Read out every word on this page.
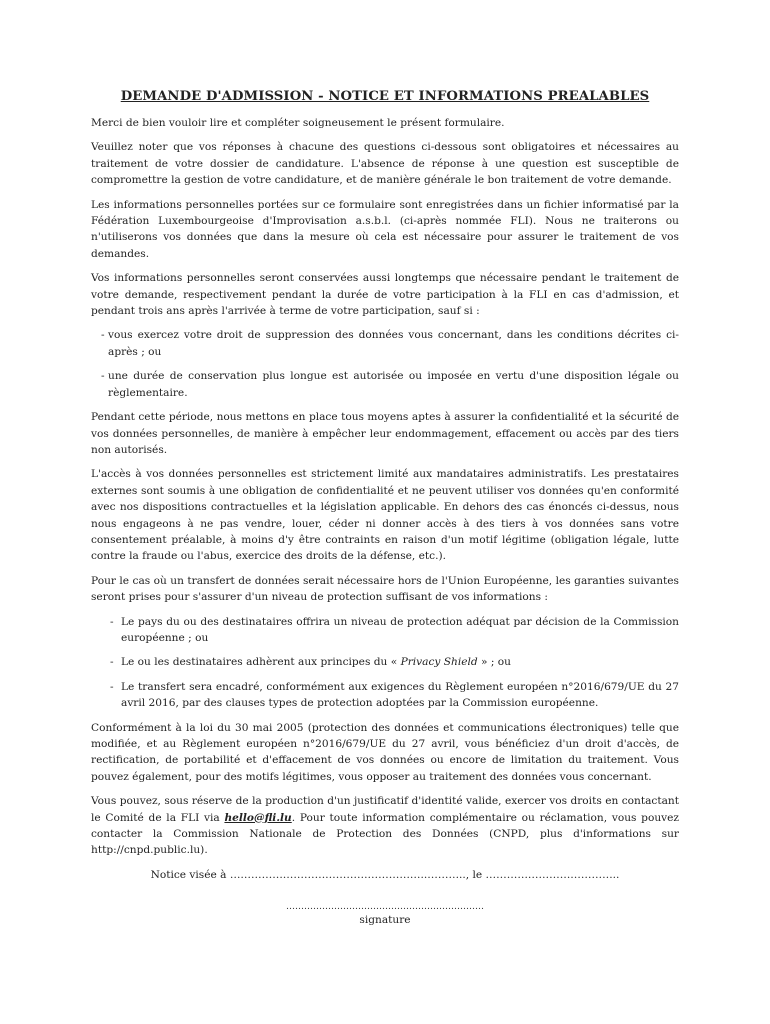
DEMANDE D'ADMISSION - NOTICE ET INFORMATIONS PREALABLES

Merci de bien vouloir lire et compléter soigneusement le présent formulaire.

Veuillez noter que vos réponses à chacune des questions ci-dessous sont obligatoires et nécessaires au traitement de votre dossier de candidature. L'absence de réponse à une question est susceptible de compromettre la gestion de votre candidature, et de manière générale le bon traitement de votre demande.

Les informations personnelles portées sur ce formulaire sont enregistrées dans un fichier informatisé par la Fédération Luxembourgeoise d'Improvisation a.s.b.l. (ci-après nommée FLI). Nous ne traiterons ou n'utiliserons vos données que dans la mesure où cela est nécessaire pour assurer le traitement de vos demandes.

Vos informations personnelles seront conservées aussi longtemps que nécessaire pendant le traitement de votre demande, respectivement pendant la durée de votre participation à la FLI en cas d'admission, et pendant trois ans après l'arrivée à terme de votre participation, sauf si :

- vous exercez votre droit de suppression des données vous concernant, dans les conditions décrites ci-après ; ou
- une durée de conservation plus longue est autorisée ou imposée en vertu d'une disposition légale ou règlementaire.

Pendant cette période, nous mettons en place tous moyens aptes à assurer la confidentialité et la sécurité de vos données personnelles, de manière à empêcher leur endommagement, effacement ou accès par des tiers non autorisés.

L'accès à vos données personnelles est strictement limité aux mandataires administratifs. Les prestataires externes sont soumis à une obligation de confidentialité et ne peuvent utiliser vos données qu'en conformité avec nos dispositions contractuelles et la législation applicable. En dehors des cas énoncés ci-dessus, nous nous engageons à ne pas vendre, louer, céder ni donner accès à des tiers à vos données sans votre consentement préalable, à moins d'y être contraints en raison d'un motif légitime (obligation légale, lutte contre la fraude ou l'abus, exercice des droits de la défense, etc.).

Pour le cas où un transfert de données serait nécessaire hors de l'Union Européenne, les garanties suivantes seront prises pour s'assurer d'un niveau de protection suffisant de vos informations :

- Le pays du ou des destinataires offrira un niveau de protection adéquat par décision de la Commission européenne ; ou
- Le ou les destinataires adhèrent aux principes du « Privacy Shield » ; ou
- Le transfert sera encadré, conformément aux exigences du Règlement européen n°2016/679/UE du 27 avril 2016, par des clauses types de protection adoptées par la Commission européenne.

Conformément à la loi du 30 mai 2005 (protection des données et communications électroniques) telle que modifiée, et au Règlement européen n°2016/679/UE du 27 avril, vous bénéficiez d'un droit d'accès, de rectification, de portabilité et d'effacement de vos données ou encore de limitation du traitement. Vous pouvez également, pour des motifs légitimes, vous opposer au traitement des données vous concernant.

Vous pouvez, sous réserve de la production d'un justificatif d'identité valide, exercer vos droits en contactant le Comité de la FLI via hello@fli.lu. Pour toute information complémentaire ou réclamation, vous pouvez contacter la Commission Nationale de Protection des Données (CNPD, plus d'informations sur http://cnpd.public.lu).

Notice visée à ………………………………………………..……….., le ………………………………..
…………………………………………………………
signature
